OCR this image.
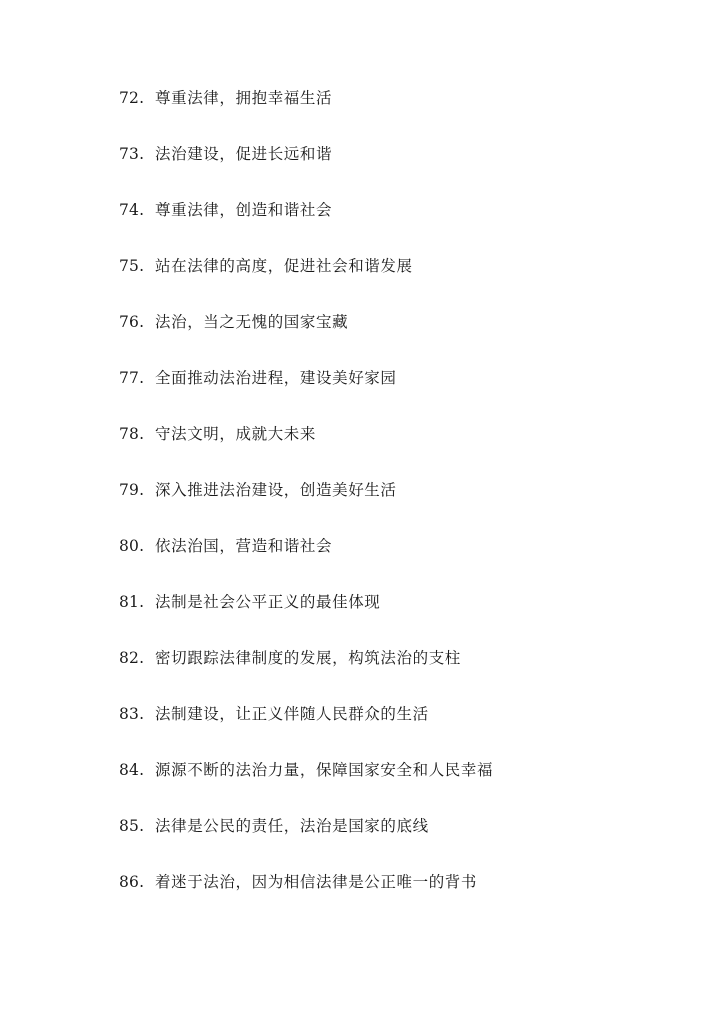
72. 尊重法律，拥抱幸福生活
73. 法治建设，促进长远和谐
74. 尊重法律，创造和谐社会
75. 站在法律的高度，促进社会和谐发展
76. 法治，当之无愧的国家宝藏
77. 全面推动法治进程，建设美好家园
78. 守法文明，成就大未来
79. 深入推进法治建设，创造美好生活
80. 依法治国，营造和谐社会
81. 法制是社会公平正义的最佳体现
82. 密切跟踪法律制度的发展，构筑法治的支柱
83. 法制建设，让正义伴随人民群众的生活
84. 源源不断的法治力量，保障国家安全和人民幸福
85. 法律是公民的责任，法治是国家的底线
86. 着迷于法治，因为相信法律是公正唯一的背书
